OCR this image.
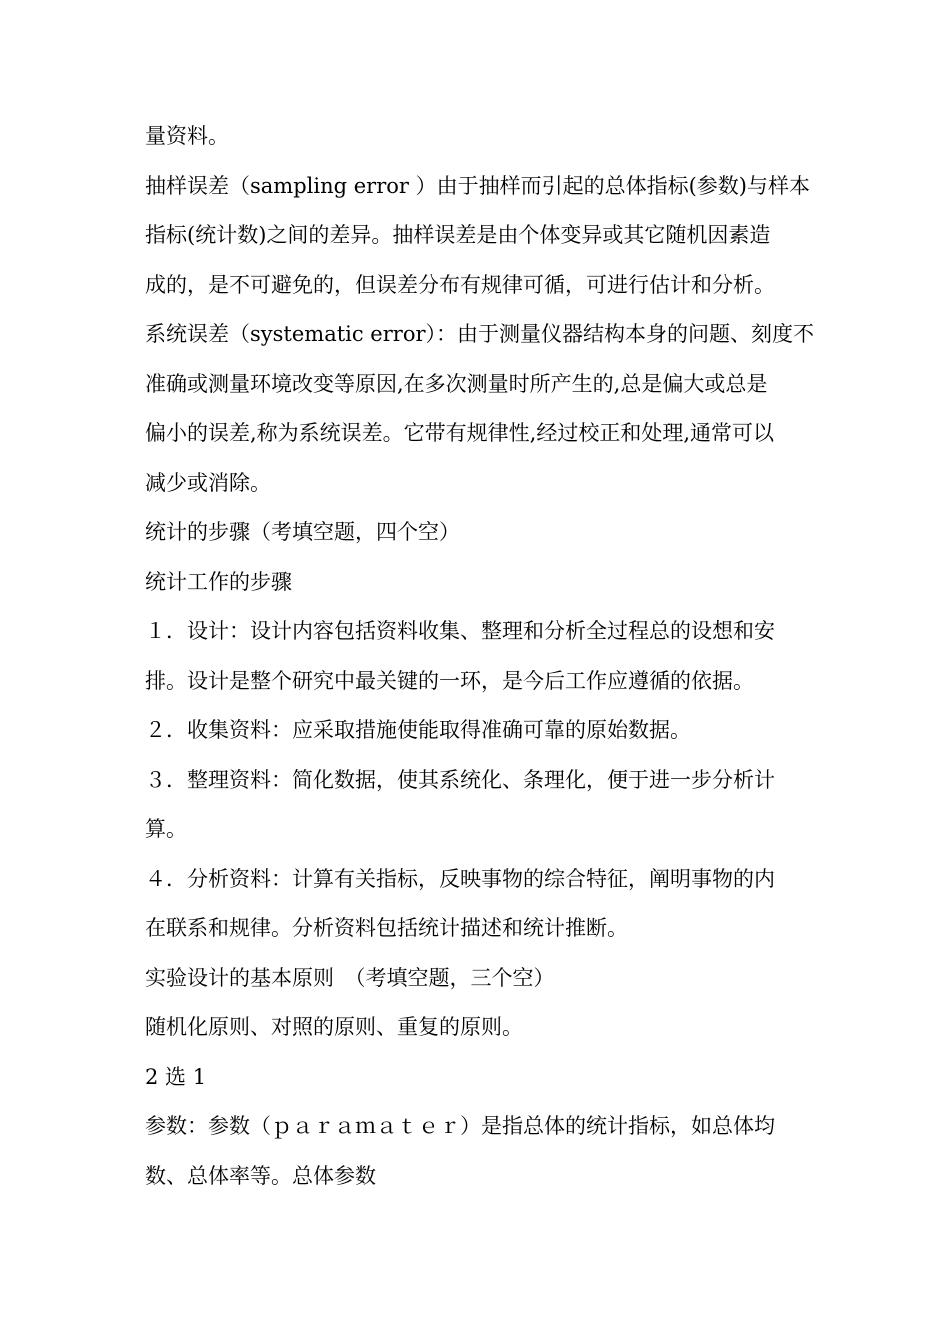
量资料。
抽样误差（sampling error ）由于抽样而引起的总体指标(参数)与样本
指标(统计数)之间的差异。抽样误差是由个体变异或其它随机因素造
成的，是不可避免的，但误差分布有规律可循，可进行估计和分析。
系统误差（systematic error）：由于测量仪器结构本身的问题、刻度不
准确或测量环境改变等原因,在多次测量时所产生的,总是偏大或总是
偏小的误差,称为系统误差。它带有规律性,经过校正和处理,通常可以
减少或消除。
统计的步骤（考填空题，四个空）
统计工作的步骤
１．设计：设计内容包括资料收集、整理和分析全过程总的设想和安
排。设计是整个研究中最关键的一环，是今后工作应遵循的依据。
２．收集资料：应采取措施使能取得准确可靠的原始数据。
３．整理资料：简化数据，使其系统化、条理化，便于进一步分析计
算。
４．分析资料：计算有关指标，反映事物的综合特征，阐明事物的内
在联系和规律。分析资料包括统计描述和统计推断。
实验设计的基本原则　（考填空题，三个空）
随机化原则、对照的原则、重复的原则。
2 选 1
参数：参数（ｐａｒａｍａｔｅｒ）是指总体的统计指标，如总体均
数、总体率等。总体参数
